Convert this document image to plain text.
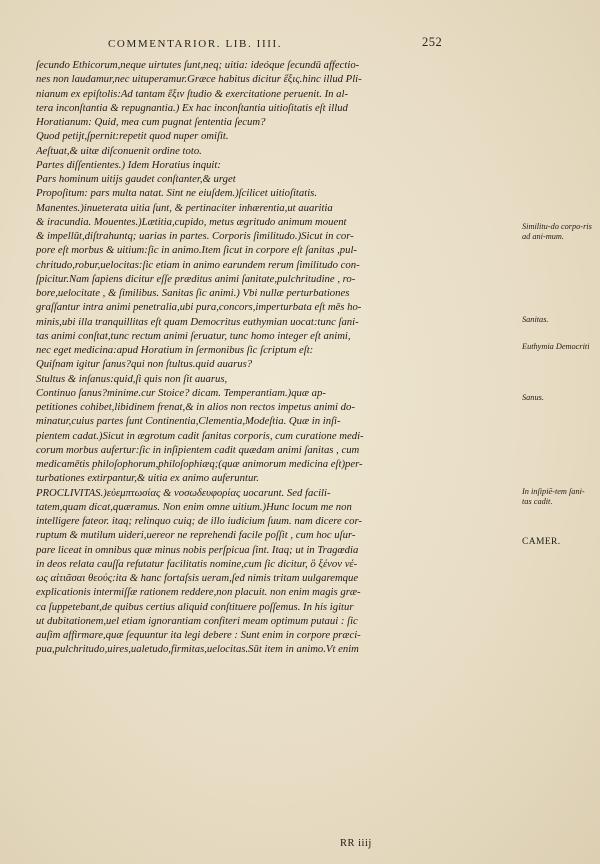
COMMENTARIOR. LIB. IIII.	252
ſecundo Ethicorum,neque uirtutes ſunt,neq; uitia: ideóque ſecundū affectio-
nes non laudamur,nec uituperamur.Græce habitus dicitur ἕξις.hinc illud Pli-
nianum ex epiſtolis:Ad tantam ἕξιν ſtudio & exercitatione peruenit. In al-
tera inconſtantia & repugnantia.) Ex hac inconſtantia uitioſitatis eſt illud
Horatianum: Quid, mea cum pugnat ſententia ſecum?
Quod petijt,ſpernit:repetit quod nuper omiſit.
Aeſtuat,& uitæ diſconuenit ordine toto.
Partes diſſentientes.) Idem Horatius inquit:
Pars hominum uitijs gaudet conſtanter,& urget
Propoſitum: pars multa natat. Sint ne eiuſdem.)ſcilicet uitioſitatis.
Manentes.)inueterata uitia ſunt, & pertinaciter inhærentia,ut auaritia
& iracundia. Mouentes.)Lætitia,cupido, metus ægritudo animum mouent
& impellūt,diſtrahuntq; uarias in partes. Corporis ſimilitudo.)Sicut in cor-
pore eſt morbus & uitium:ſic in animo.Item ſicut in corpore eſt ſanitas ,pul-
chritudo,robur,uelocitas:ſic etiam in animo earundem rerum ſimilitudo con-
ſpicitur.Nam ſapiens dicitur eſſe præditus animi ſanitate,pulchritudine , ro-
bore,uelocitate , & ſimilibus. Sanitas ſic animi.) Vbi nullæ perturbationes
graſſantur intra animi penetralia,ubi pura,concors,imperturbata eſt mēs ho-
minis,ubi illa tranquillitas eſt quam Democritus euthymian uocat:tunc ſani-
tas animi conſtat,tunc rectum animi ſeruatur, tunc homo integer eſt animi,
nec eget medicina:apud Horatium in ſermonibus ſic ſcriptum eſt:
Quiſnam igitur ſanus?qui non ſtultus.quid auarus?
Stultus & inſanus:quid,ſi quis non ſit auarus,
Continuo ſanus?minime.cur Stoice? dicam. Temperantiam.)quæ ap-
petitiones cohibet,libidinem frenat,& in alios non rectos impetus animi do-
minatur,cuius partes ſunt Continentia,Clementia,Modeſtia. Quæ in inſi-
pientem cadat.)Sicut in ægrotum cadit ſanitas corporis, cum curatione medi-
corum morbus aufertur:ſic in inſipientem cadit quædam animi ſanitas , cum
medicamētis philoſophorum,philoſophiæq;(quæ animorum medicina eſt)per-
turbationes extirpantur,& uitia ex animo auferuntur.
PROCLIVITAS.)εὐεμπτωσίας & νοσωδευφορίας uocarunt. Sed facili-
tatem,quam dicat,quæramus. Non enim omne uitium.)Hunc locum me non
intelligere fateor. itaq; relinquo cuiq; de illo iudicium ſuum. nam dicere cor-
ruptum & mutilum uideri,uereor ne reprehendi facile poſſit , cum hoc uſur-
pare liceat in omnibus quæ minus nobis perſpicua ſint. Itaq; ut in Tragœdia
in deos relata cauſſa refutatur facilitatis nomine,cum ſic dicitur, ὃ ξένον νέ-
ως αἰτιᾶσαι θεούς:ita & hanc fortaſsis ueram,ſed nimis tritam uulgaremque
explicationis intermiſſæ rationem reddere,non placuit. non enim magis græ-
ca ſuppetebant,de quibus certius aliquid conſtituere poſſemus. In his igitur
ut dubitationem,uel etiam ignorantiam confiteri meam optimum putaui : ſic
auſim affirmare,quæ ſequuntur ita legi debere : Sunt enim in corpore præci-
pua,pulchritudo,uires,ualetudo,firmitas,uelocitas.Sūt item in animo.Vt enim
Similitu-do corpo-ris ad ani-mum.
Sanitas.
Euthymia Democriti
Sanus.
In inſipiē-tem ſani-tas cadit.
CAMER.
RR iiij
